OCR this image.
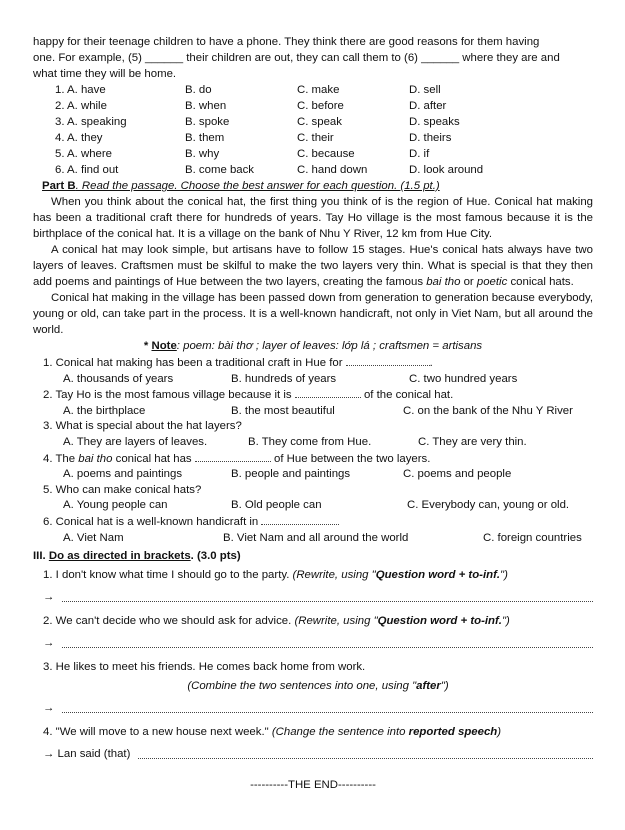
happy for their teenage children to have a phone. They think there are good reasons for them having

one. For example, (5) ______ their children are out, they can call them to (6) ______ where they are and

what time they will be home.

1. A. have	B. do	C. make	D. sell
2. A. while	B. when	C. before	D. after
3. A. speaking	B. spoke	C. speak	D. speaks
4. A. they	B. them	C. their	D. theirs
5. A. where	B. why	C. because	D. if
6. A. find out	B. come back	C. hand down	D. look around
Part B. Read the passage. Choose the best answer for each question. (1.5 pt.)

When you think about the conical hat, the first thing you think of is the region of Hue. Conical hat making has been a traditional craft there for hundreds of years. Tay Ho village is the most famous because it is the birthplace of the conical hat. It is a village on the bank of Nhu Y River, 12 km from Hue City.

A conical hat may look simple, but artisans have to follow 15 stages. Hue's conical hats always have two layers of leaves. Craftsmen must be skilful to make the two layers very thin. What is special is that they then add poems and paintings of Hue between the two layers, creating the famous bai tho or poetic conical hats.

Conical hat making in the village has been passed down from generation to generation because everybody, young or old, can take part in the process. It is a well-known handicraft, not only in Viet Nam, but all around the world.

* Note: poem: bài thơ ; layer of leaves: lớp lá ; craftsmen = artisans

1. Conical hat making has been a traditional craft in Hue for	.

A. thousands of years	B. hundreds of years	C. two hundred years

2. Tay Ho is the most famous village because it is	of the conical hat.

A. the birthplace	B. the most beautiful	C. on the bank of the Nhu Y River

3. What is special about the hat layers?

A. They are layers of leaves.	B. They come from Hue.	C. They are very thin.

4. The bai tho conical hat has	of Hue between the two layers.

A. poems and paintings	B. people and paintings	C. poems and people

5. Who can make conical hats?

A. Young people can	B. Old people can	C. Everybody can, young or old.

6. Conical hat is a well-known handicraft in

A. Viet Nam	B. Viet Nam and all around the world	C. foreign countries
III. Do as directed in brackets. (3.0 pts)

1. I don't know what time I should go to the party. (Rewrite, using "Question word + to-inf.")

→

2. We can't decide who we should ask for advice. (Rewrite, using "Question word + to-inf.")

→

3. He likes to meet his friends. He comes back home from work.

(Combine the two sentences into one, using "after")

→

4. "We will move to a new house next week." (Change the sentence into reported speech)

→ Lan said (that)
----------THE END----------
